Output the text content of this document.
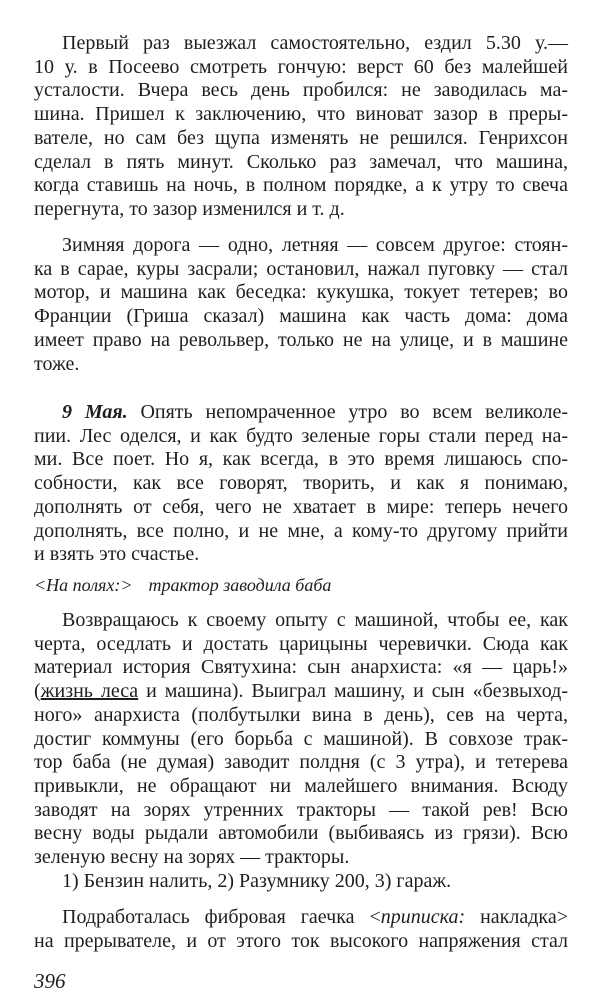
<На полях:> трактор заводила баба
396
Первый раз выезжал самостоятельно, ездил 5.30 у.—
10 у. в Посеево смотреть гончую: верст 60 без малейшей
усталости. Вчера весь день пробился: не заводилась ма-
шина. Пришел к заключению, что виноват зазор в преры-
вателе, но сам без щупа изменять не решился. Генрихсон
сделал в пять минут. Сколько раз замечал, что машина,
когда ставишь на ночь, в полном порядке, а к утру то свеча
перегнута, то зазор изменился и т. д.
Зимняя дорога — одно, летняя — совсем другое: стоян-
ка в сарае, куры засрали; остановил, нажал пуговку — стал
мотор, и машина как беседка: кукушка, токует тетерев; во
Франции (Гриша сказал) машина как часть дома: дома
имеет право на револьвер, только не на улице, и в машине
тоже.
9 Мая. Опять непомраченное утро во всем великоле-
пии. Лес оделся, и как будто зеленые горы стали перед на-
ми. Все поет. Но я, как всегда, в это время лишаюсь спо-
собности, как все говорят, творить, и как я понимаю,
дополнять от себя, чего не хватает в мире: теперь нечего
дополнять, все полно, и не мне, а кому-то другому прийти
и взять это счастье.
Возвращаюсь к своему опыту с машиной, чтобы ее, как
черта, оседлать и достать царицыны черевички. Сюда как
материал история Святухина: сын анархиста: «я — царь!»
(жизнь леса и машина). Выиграл машину, и сын «безвыход-
ного» анархиста (полбутылки вина в день), сев на черта,
достиг коммуны (его борьба с машиной). В совхозе трак-
тор баба (не думая) заводит полдня (с 3 утра), и тетерева
привыкли, не обращают ни малейшего внимания. Всюду
заводят на зорях утренних тракторы — такой рев! Всю
весну воды рыдали автомобили (выбиваясь из грязи). Всю
зеленую весну на зорях — тракторы.
1) Бензин налить, 2) Разумнику 200, 3) гараж.
Подработалась фибровая гаечка <приписка: накладка>
на прерывателе, и от этого ток высокого напряжения стал
